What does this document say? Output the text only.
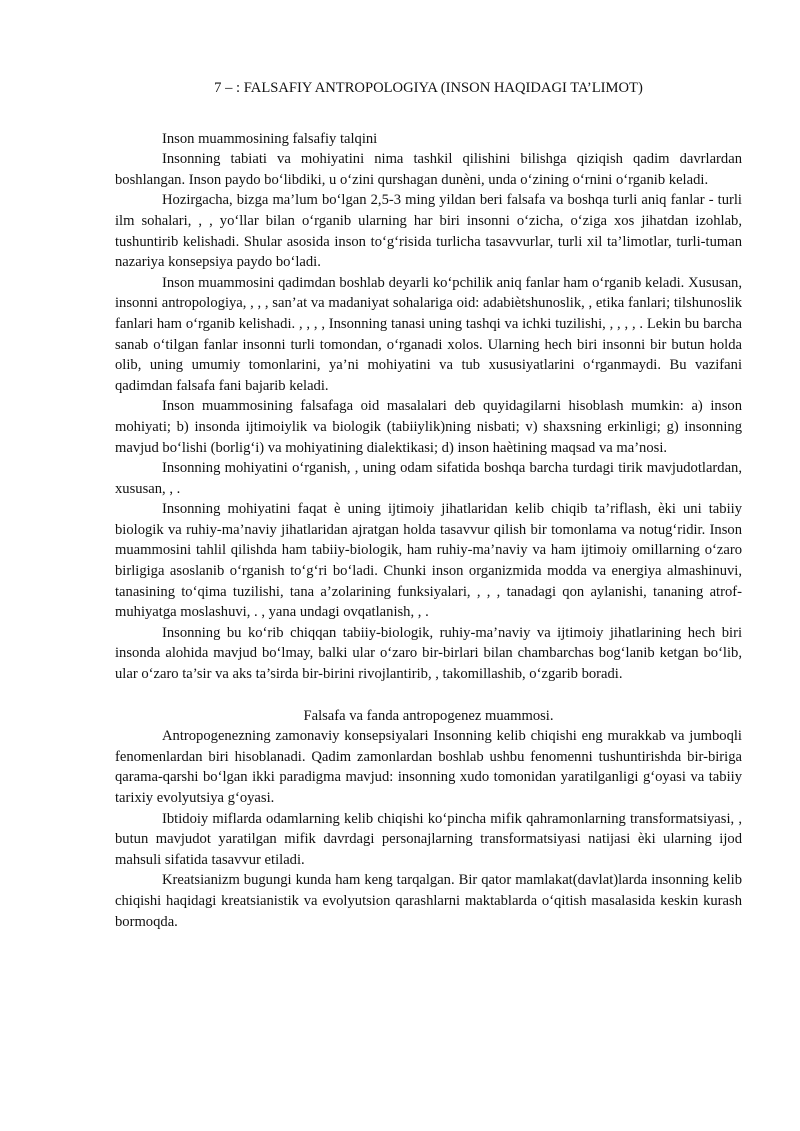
7 – : FALSAFIY ANTROPOLOGIYA (INSON HAQIDAGI TA’LIMOT)

Inson muammosining falsafiy talqini

Insonning tabiati va mohiyatini nima tashkil qilishini bilishga qiziqish qadim davrlardan boshlangan. Inson paydo bo‘libdiki, u o‘zini qurshagan dunèni, unda o‘zining o‘rnini o‘rganib keladi.

Hozirgacha, bizga ma’lum bo‘lgan 2,5-3 ming yildan beri falsafa va boshqa turli aniq fanlar - turli ilm sohalari, , , yo‘llar bilan o‘rganib ularning har biri insonni o‘zicha, o‘ziga xos jihatdan izohlab, tushuntirib kelishadi. Shular asosida inson to‘g‘risida turlicha tasavvurlar, turli xil ta’limotlar, turli-tuman nazariya konsepsiya paydo bo‘ladi.

Inson muammosini qadimdan boshlab deyarli ko‘pchilik aniq fanlar ham o‘rganib keladi. Xususan, insonni antropologiya, , , , san’at va madaniyat sohalariga oid: adabiètshunoslik, , etika fanlari; tilshunoslik fanlari ham o‘rganib kelishadi. , , , , Insonning tanasi uning tashqi va ichki tuzilishi, , , , , . Lekin bu barcha sanab o‘tilgan fanlar insonni turli tomondan, o‘rganadi xolos. Ularning hech biri insonni bir butun holda olib, uning umumiy tomonlarini, ya’ni mohiyatini va tub xususiyatlarini o‘rganmaydi. Bu vazifani qadimdan falsafa fani bajarib keladi.

Inson muammosining falsafaga oid masalalari deb quyidagilarni hisoblash mumkin: a) inson mohiyati; b) insonda ijtimoiylik va biologik (tabiiylik)ning nisbati; v) shaxsning erkinligi; g) insonning mavjud bo‘lishi (borlig‘i) va mohiyatining dialektikasi; d) inson haètining maqsad va ma’nosi.

Insonning mohiyatini o‘rganish, , uning odam sifatida boshqa barcha turdagi tirik mavjudotlardan, xususan, , .

Insonning mohiyatini faqat è uning ijtimoiy jihatlaridan kelib chiqib ta’riflash, èki uni tabiiy biologik va ruhiy-ma’naviy jihatlaridan ajratgan holda tasavvur qilish bir tomonlama va notug‘ridir. Inson muammosini tahlil qilishda ham tabiiy-biologik, ham ruhiy-ma’naviy va ham ijtimoiy omillarning o‘zaro birligiga asoslanib o‘rganish to‘g‘ri bo‘ladi. Chunki inson organizmida modda va energiya almashinuvi, tanasining to‘qima tuzilishi, tana a’zolarining funksiyalari, , , , tanadagi qon aylanishi, tananing atrof-muhiyatga moslashuvi, . , yana undagi ovqatlanish, , .

Insonning bu ko‘rib chiqqan tabiiy-biologik, ruhiy-ma’naviy va ijtimoiy jihatlarining hech biri insonda alohida mavjud bo‘lmay, balki ular o‘zaro bir-birlari bilan chambarchas bog‘lanib ketgan bo‘lib, ular o‘zaro ta’sir va aks ta’sirda bir-birini rivojlantirib, , takomillashib, o‘zgarib boradi.

Falsafa va fanda antropogenez muammosi.

Antropogenezning zamonaviy konsepsiyalari Insonning kelib chiqishi eng murakkab va jumboqli fenomenlardan biri hisoblanadi. Qadim zamonlardan boshlab ushbu fenomenni tushuntirishda bir-biriga qarama-qarshi bo‘lgan ikki paradigma mavjud: insonning xudo tomonidan yaratilganligi g‘oyasi va tabiiy tarixiy evolyutsiya g‘oyasi.

Ibtidoiy miflarda odamlarning kelib chiqishi ko‘pincha mifik qahramonlarning transformatsiyasi, , butun mavjudot yaratilgan mifik davrdagi personajlarning transformatsiyasi natijasi èki ularning ijod mahsuli sifatida tasavvur etiladi.

Kreatsianizm bugungi kunda ham keng tarqalgan. Bir qator mamlakat(davlat)larda insonning kelib chiqishi haqidagi kreatsianistik va evolyutsion qarashlarni maktablarda o‘qitish masalasida keskin kurash bormoqda.
